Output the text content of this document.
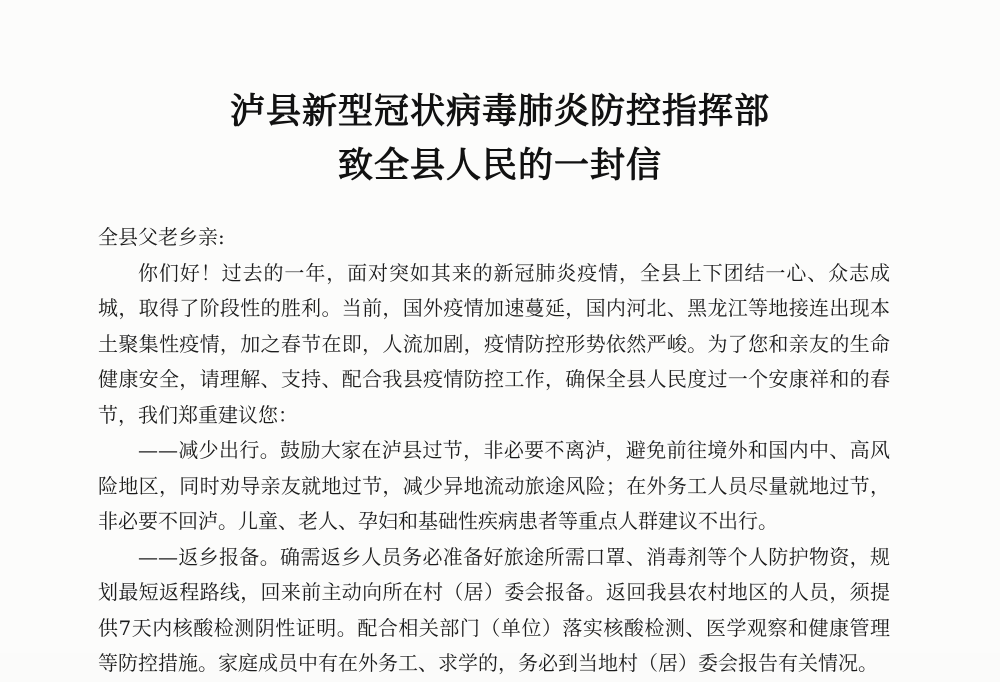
泸县新型冠状病毒肺炎防控指挥部
致全县人民的一封信

全县父老乡亲:

你们好！过去的一年，面对突如其来的新冠肺炎疫情，全县上下团结一心、众志成城，取得了阶段性的胜利。当前，国外疫情加速蔓延，国内河北、黑龙江等地接连出现本土聚集性疫情，加之春节在即，人流加剧，疫情防控形势依然严峻。为了您和亲友的生命健康安全，请理解、支持、配合我县疫情防控工作，确保全县人民度过一个安康祥和的春节，我们郑重建议您：

——减少出行。鼓励大家在泸县过节，非必要不离泸，避免前往境外和国内中、高风险地区，同时劝导亲友就地过节，减少异地流动旅途风险；在外务工人员尽量就地过节，非必要不回泸。儿童、老人、孕妇和基础性疾病患者等重点人群建议不出行。

——返乡报备。确需返乡人员务必准备好旅途所需口罩、消毒剂等个人防护物资，规划最短返程路线，回来前主动向所在村（居）委会报备。返回我县农村地区的人员，须提供7天内核酸检测阴性证明。配合相关部门（单位）落实核酸检测、医学观察和健康管理等防控措施。家庭成员中有在外务工、求学的，务必到当地村（居）委会报告有关情况。
